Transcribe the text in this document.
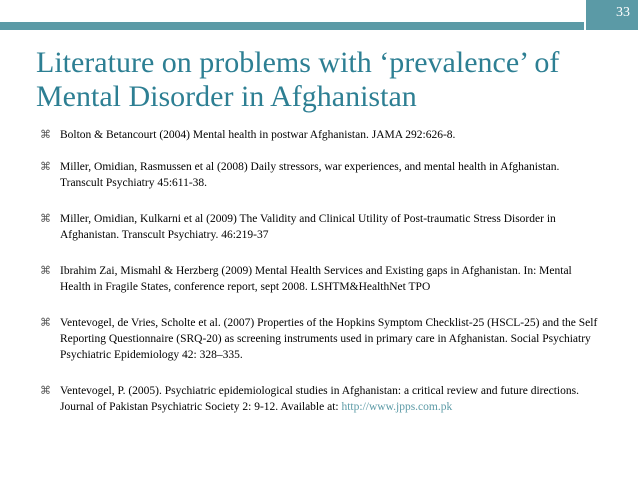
33
Literature on problems with ‘prevalence’ of Mental Disorder in Afghanistan
⌘ Bolton & Betancourt (2004) Mental health in postwar Afghanistan. JAMA 292:626-8.
⌘ Miller, Omidian, Rasmussen et al (2008) Daily stressors, war experiences, and mental health in Afghanistan. Transcult Psychiatry 45:611-38.
⌘ Miller, Omidian, Kulkarni et al (2009) The Validity and Clinical Utility of Post-traumatic Stress Disorder in Afghanistan. Transcult Psychiatry. 46:219-37
⌘ Ibrahim Zai, Mismahl & Herzberg (2009) Mental Health Services and Existing gaps in Afghanistan. In: Mental Health in Fragile States, conference report, sept 2008. LSHTM&HealthNet TPO
⌘ Ventevogel, de Vries, Scholte et al. (2007) Properties of the Hopkins Symptom Checklist-25 (HSCL-25) and the Self Reporting Questionnaire (SRQ-20) as screening instruments used in primary care in Afghanistan. Social Psychiatry Psychiatric Epidemiology 42: 328–335.
⌘ Ventevogel, P. (2005). Psychiatric epidemiological studies in Afghanistan: a critical review and future directions. Journal of Pakistan Psychiatric Society 2: 9-12. Available at: http://www.jpps.com.pk
